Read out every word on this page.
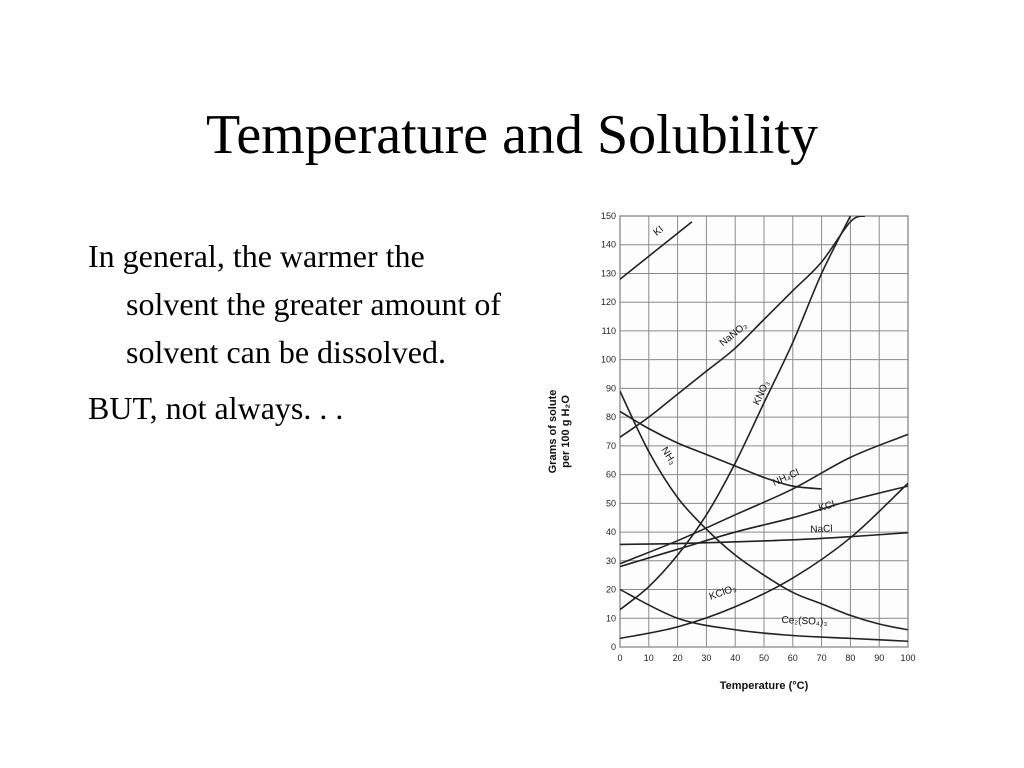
Temperature and Solubility

In general, the warmer the solvent the greater amount of solvent can be dissolved.

BUT, not always. . .

0 10 20 30 40 50 60 70 80 90 100
0
10
20
30
40
50
60
70
80
90
100
110
120
130
140
150
Temperature (°C)
Grams of solute per 100 g H₂O
KI
NaNO₃
KNO₃
NH₃
NH₄Cl
KCl
NaCl
KClO₃
Ce₂(SO₄)₃
